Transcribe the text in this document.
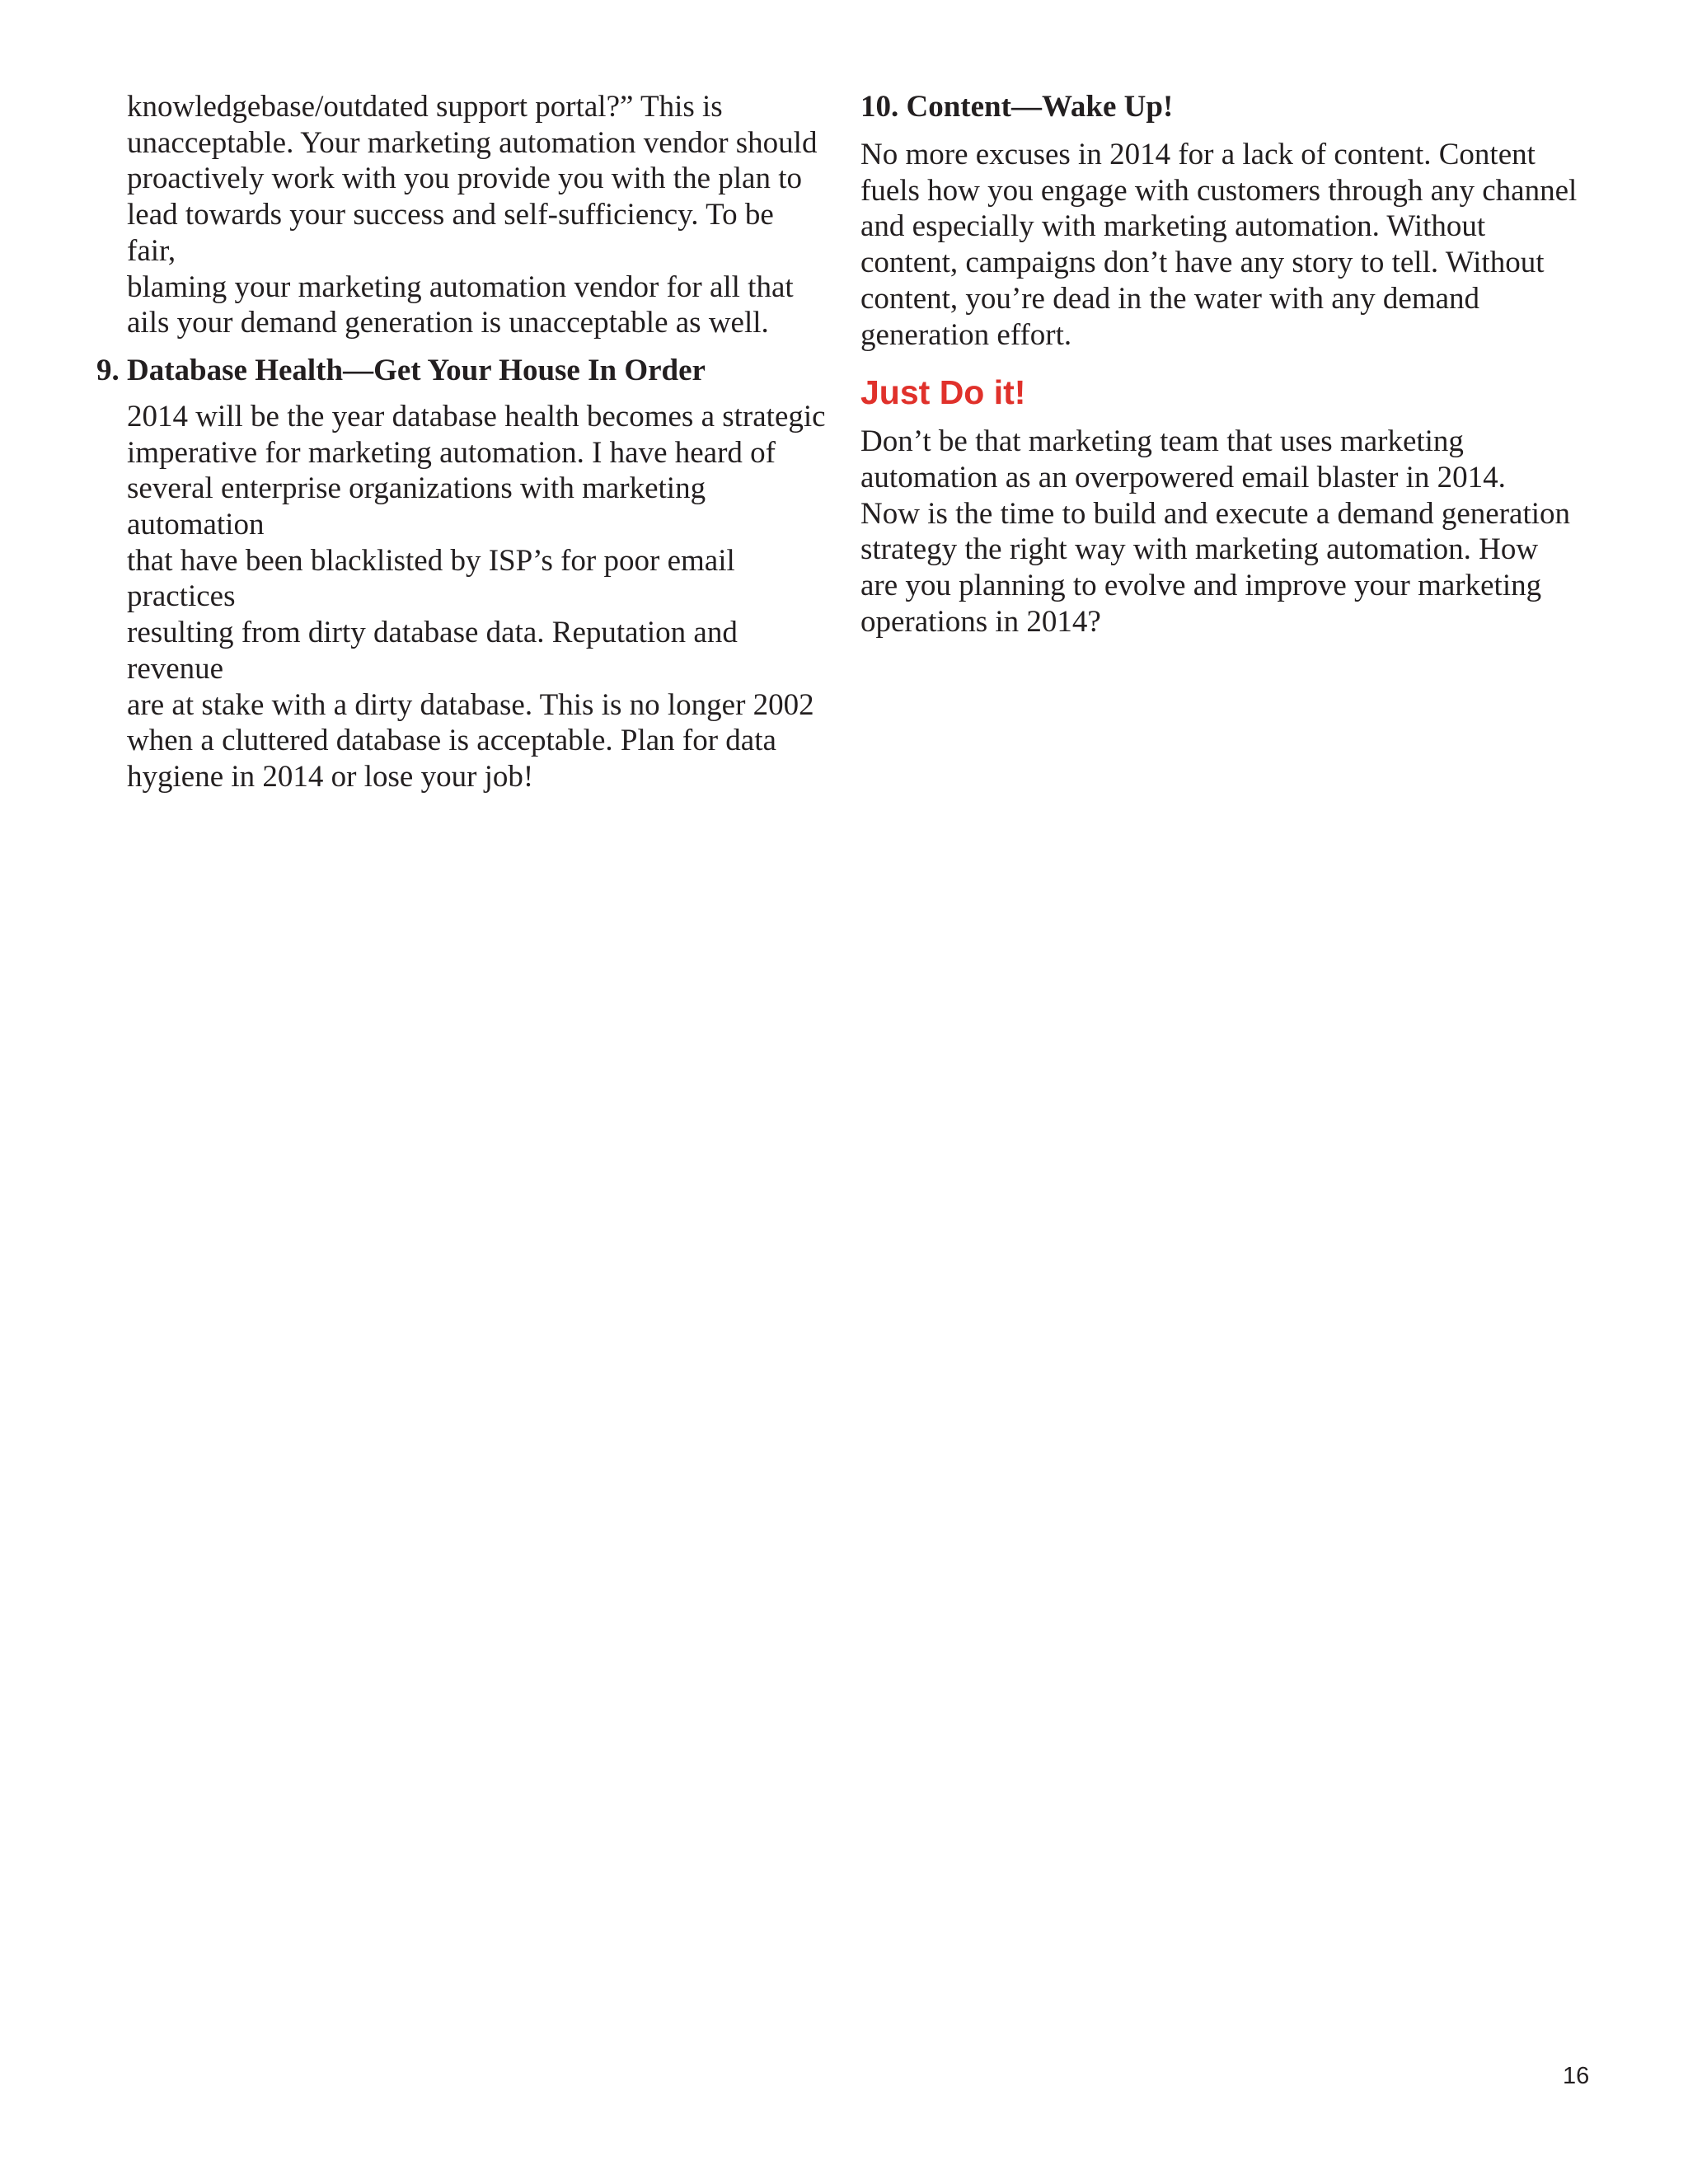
knowledgebase/outdated support portal?” This is
unacceptable. Your marketing automation vendor should
proactively work with you provide you with the plan to
lead towards your success and self-sufficiency. To be fair,
blaming your marketing automation vendor for all that
ails your demand generation is unacceptable as well.

9. Database Health—Get Your House In Order

2014 will be the year database health becomes a strategic
imperative for marketing automation. I have heard of
several enterprise organizations with marketing automation
that have been blacklisted by ISP’s for poor email practices
resulting from dirty database data. Reputation and revenue
are at stake with a dirty database. This is no longer 2002
when a cluttered database is acceptable. Plan for data
hygiene in 2014 or lose your job!

10. Content—Wake Up!

No more excuses in 2014 for a lack of content. Content
fuels how you engage with customers through any channel
and especially with marketing automation. Without
content, campaigns don’t have any story to tell. Without
content, you’re dead in the water with any demand
generation effort.

Just Do it!

Don’t be that marketing team that uses marketing
automation as an overpowered email blaster in 2014.
Now is the time to build and execute a demand generation
strategy the right way with marketing automation. How
are you planning to evolve and improve your marketing
operations in 2014?

16
